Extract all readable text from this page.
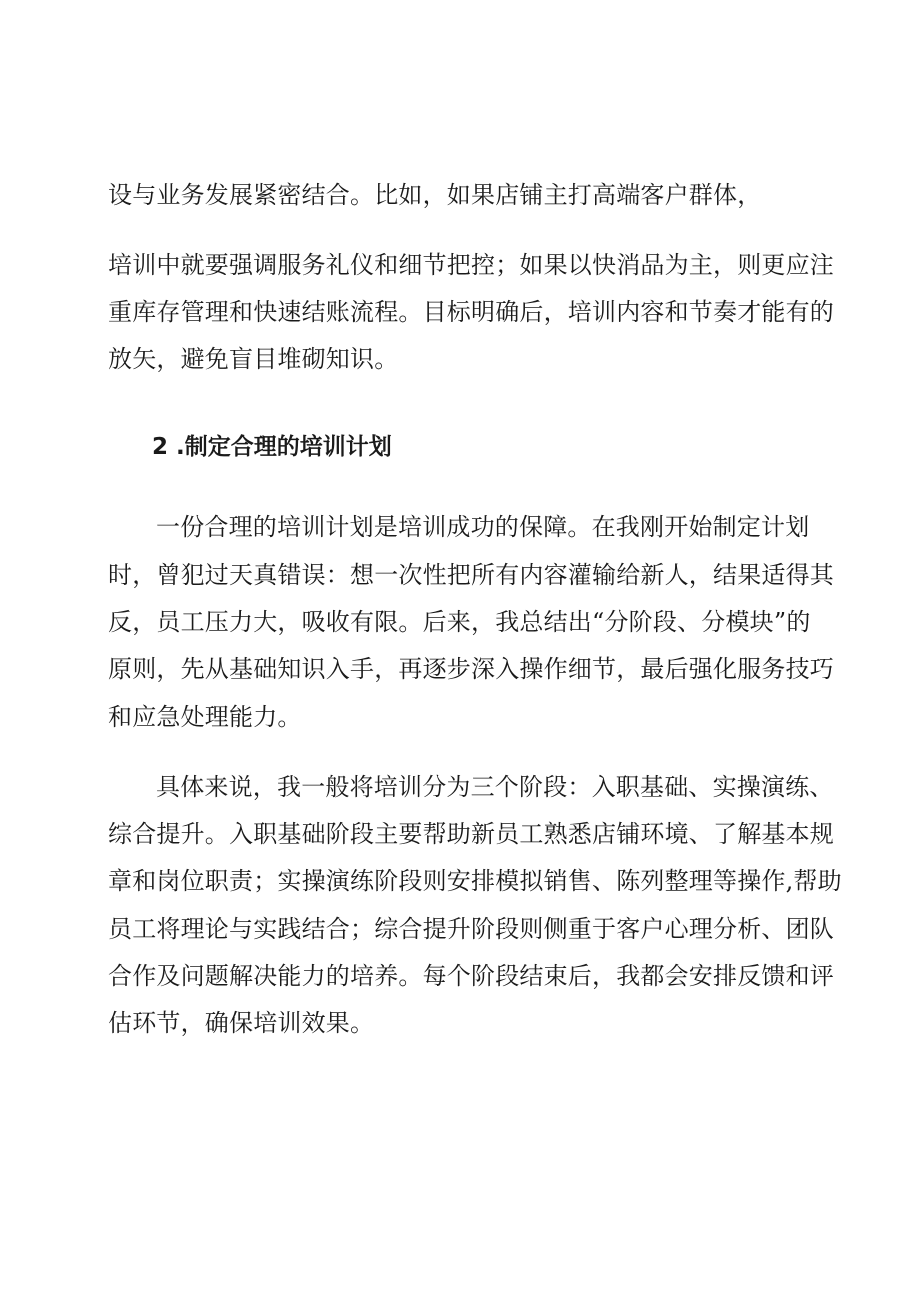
设与业务发展紧密结合。比如，如果店铺主打高端客户群体，
培训中就要强调服务礼仪和细节把控；如果以快消品为主，则更应注
重库存管理和快速结账流程。目标明确后，培训内容和节奏才能有的
放矢，避免盲目堆砌知识。
2 .制定合理的培训计划
一份合理的培训计划是培训成功的保障。在我刚开始制定计划
时，曾犯过天真错误：想一次性把所有内容灌输给新人，结果适得其
反，员工压力大，吸收有限。后来，我总结出“分阶段、分模块”的
原则，先从基础知识入手，再逐步深入操作细节，最后强化服务技巧
和应急处理能力。
具体来说，我一般将培训分为三个阶段：入职基础、实操演练、
综合提升。入职基础阶段主要帮助新员工熟悉店铺环境、了解基本规
章和岗位职责；实操演练阶段则安排模拟销售、陈列整理等操作,帮助
员工将理论与实践结合；综合提升阶段则侧重于客户心理分析、团队
合作及问题解决能力的培养。每个阶段结束后，我都会安排反馈和评
估环节，确保培训效果。
